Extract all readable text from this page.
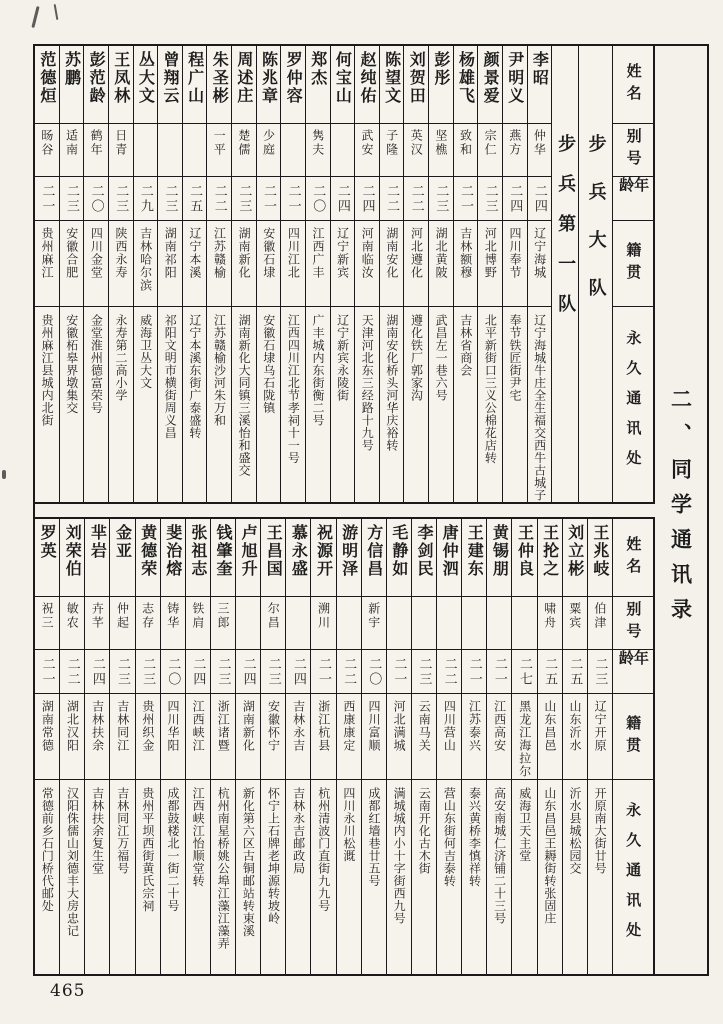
范德烜
旸谷
二一
贵州麻江
贵州麻江县城内北街
苏鹏
适南
二三
安徽合肥
安徽柘皋界墩集交
彭范龄
鹤年
二〇
四川金堂
金堂淮州德富荣号
王凤林
日青
二三
陕西永寿
永寿第二高小学
丛大文
二九
吉林哈尔滨
威海卫丛大文
曾翔云
二三
湖南祁阳
祁阳文明市横街周义昌
程广山
二五
辽宁本溪
辽宁本溪东街广泰盛转
朱圣彬
一平
二二
江苏赣榆
江苏赣榆沙河朱万和
周述庄
楚儒
二三
湖南新化
湖南新化大同镇三溪怡和盛交
陈兆章
少庭
二一
安徽石埭
安徽石埭乌石陇镇
罗仲容
二一
四川江北
江西四川江北节孝祠十一号
郑杰
隽夫
二〇
江西广丰
广丰城内东街衡二号
何宝山
二四
辽宁新宾
辽宁新宾永陵街
赵纯佑
武安
二四
河南临汝
天津河北东三经路十九号
陈望文
子隆
二二
湖南安化
湖南安化桥头河华庆裕转
刘贺田
英汉
二二
河北遵化
遵化铁厂郭家沟
彭彤
坚樵
二三
湖北黄陂
武昌左一巷六号
杨雄飞
致和
二一
吉林额穆
吉林省商会
颜景爱
宗仁
二三
河北博野
北平新街口三义公棉花店转
尹明义
燕方
二四
四川奉节
奉节铁匠街尹宅
李昭
仲华
二四
辽宁海城
辽宁海城牛庄全生福交西牛古城子
步兵第一队 步兵大队
姓名
别号
年龄
籍贯
永久通讯处
罗英
祝三
二一
湖南常德
常德前乡石门桥代邮处
刘荣伯
敏农
二二
湖北汉阳
汉阳侏儒山刘德丰大房忠记
芈岩
卉芊
二四
吉林扶余
吉林扶余复生堂
金亚
仲起
二三
吉林同江
吉林同江万福号
黄德荣
志存
二三
贵州织金
贵州平坝西街黄氏宗祠
斐治熔
铸华
二〇
四川华阳
成都鼓楼北一街二十号
张祖志
铁肩
二四
江西峡江
江西峡江怡顺堂转
钱肇奎
三郎
二三
浙江诸暨
杭州南星桥姚公埠江藻江藻弄
卢旭升
二四
湖南新化
新化第六区古铜邮站转束溪
王昌国
尔昌
二三
安徽怀宁
怀宁上石牌老坤源转坡岭
慕永盛
二四
吉林永吉
吉林永吉邮政局
祝源开
溯川
二一
浙江杭县
杭州清波门直街九九号
游明泽
二二
西康康定
四川永川松溉
方信昌
新宇
二〇
四川富顺
成都红墙巷廿五号
毛静如
二一
河北满城
满城城内小十字街西九号
李剑民
二三
云南马关
云南开化古木街
唐仲泗
二二
四川营山
营山东街何吉泰转
王建东
二一
江苏泰兴
泰兴黄桥李慎祥转
黄锡朋
二一
江西高安
高安南城仁济铺二十三号
王仲良
二七
黑龙江海拉尔
威海卫天主堂
王抡之
啸舟
二五
山东昌邑
山东昌邑王耨街转张固庄
刘立彬
粟宾
二五
山东沂水
沂水县城松园交
王兆岐
伯津
二三
辽宁开原
开原南大街廿号
姓名
别号
年龄
籍贯
永久通讯处
二、同学通讯录
465
